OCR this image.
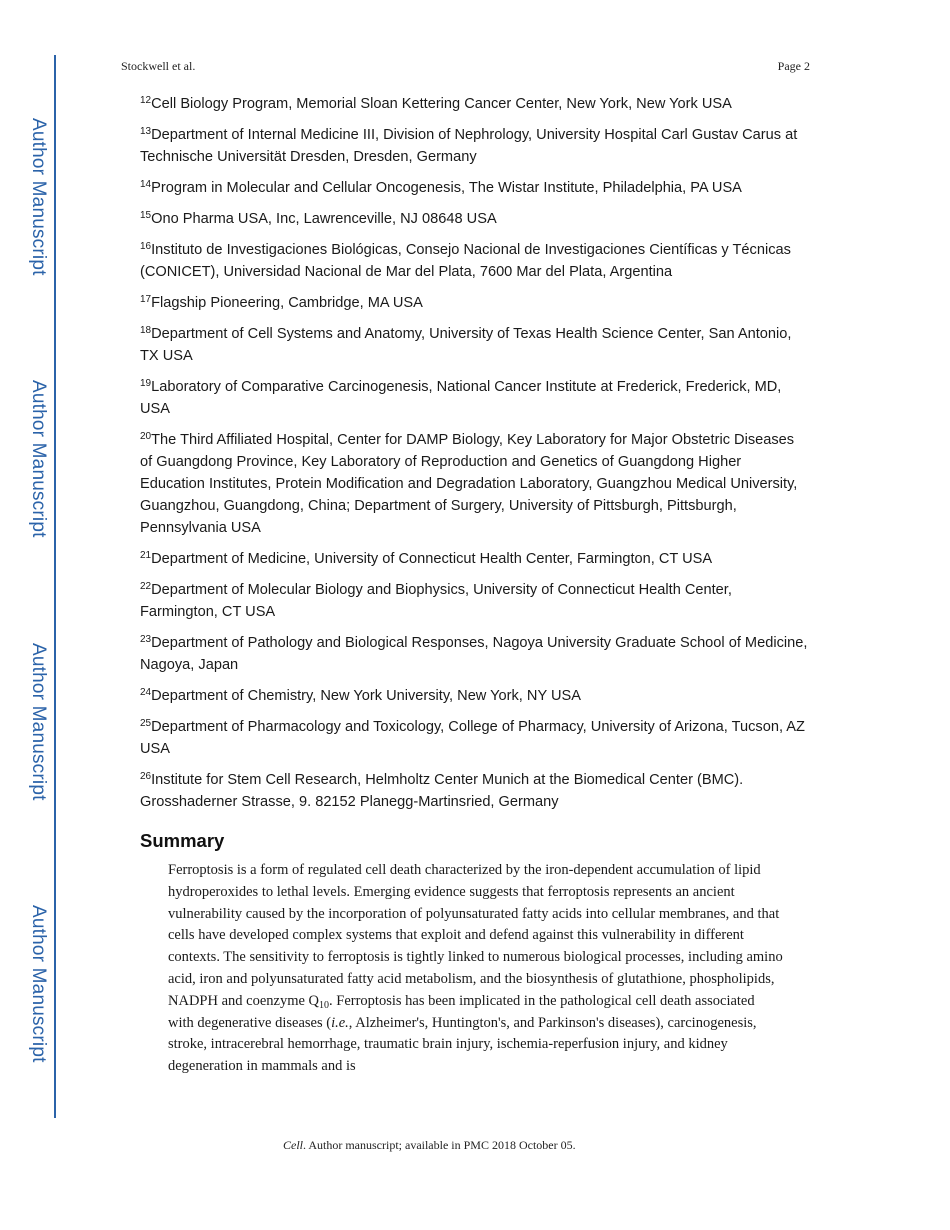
Author Manuscript
Author Manuscript
Author Manuscript
Author Manuscript
Stockwell et al.	Page 2

$^{12}$Cell Biology Program, Memorial Sloan Kettering Cancer Center, New York, New York USA

$^{13}$Department of Internal Medicine III, Division of Nephrology, University Hospital Carl Gustav Carus at Technische Universität Dresden, Dresden, Germany

$^{14}$Program in Molecular and Cellular Oncogenesis, The Wistar Institute, Philadelphia, PA USA

$^{15}$Ono Pharma USA, Inc, Lawrenceville, NJ 08648 USA

$^{16}$Instituto de Investigaciones Biológicas, Consejo Nacional de Investigaciones Científicas y Técnicas (CONICET), Universidad Nacional de Mar del Plata, 7600 Mar del Plata, Argentina

$^{17}$Flagship Pioneering, Cambridge, MA USA

$^{18}$Department of Cell Systems and Anatomy, University of Texas Health Science Center, San Antonio, TX USA

$^{19}$Laboratory of Comparative Carcinogenesis, National Cancer Institute at Frederick, Frederick, MD, USA

$^{20}$The Third Affiliated Hospital, Center for DAMP Biology, Key Laboratory for Major Obstetric Diseases of Guangdong Province, Key Laboratory of Reproduction and Genetics of Guangdong Higher Education Institutes, Protein Modification and Degradation Laboratory, Guangzhou Medical University, Guangzhou, Guangdong, China; Department of Surgery, University of Pittsburgh, Pittsburgh, Pennsylvania USA

$^{21}$Department of Medicine, University of Connecticut Health Center, Farmington, CT USA

$^{22}$Department of Molecular Biology and Biophysics, University of Connecticut Health Center, Farmington, CT USA

$^{23}$Department of Pathology and Biological Responses, Nagoya University Graduate School of Medicine, Nagoya, Japan

$^{24}$Department of Chemistry, New York University, New York, NY USA

$^{25}$Department of Pharmacology and Toxicology, College of Pharmacy, University of Arizona, Tucson, AZ USA

$^{26}$Institute for Stem Cell Research, Helmholtz Center Munich at the Biomedical Center (BMC). Grosshaderner Strasse, 9. 82152 Planegg-Martinsried, Germany

Summary

Ferroptosis is a form of regulated cell death characterized by the iron-dependent accumulation of lipid hydroperoxides to lethal levels. Emerging evidence suggests that ferroptosis represents an ancient vulnerability caused by the incorporation of polyunsaturated fatty acids into cellular membranes, and that cells have developed complex systems that exploit and defend against this vulnerability in different contexts. The sensitivity to ferroptosis is tightly linked to numerous biological processes, including amino acid, iron and polyunsaturated fatty acid metabolism, and the biosynthesis of glutathione, phospholipids, NADPH and coenzyme $Q_{10}$. Ferroptosis has been implicated in the pathological cell death associated with degenerative diseases (i.e., Alzheimer's, Huntington's, and Parkinson's diseases), carcinogenesis, stroke, intracerebral hemorrhage, traumatic brain injury, ischemia-reperfusion injury, and kidney degeneration in mammals and is

Cell. Author manuscript; available in PMC 2018 October 05.
